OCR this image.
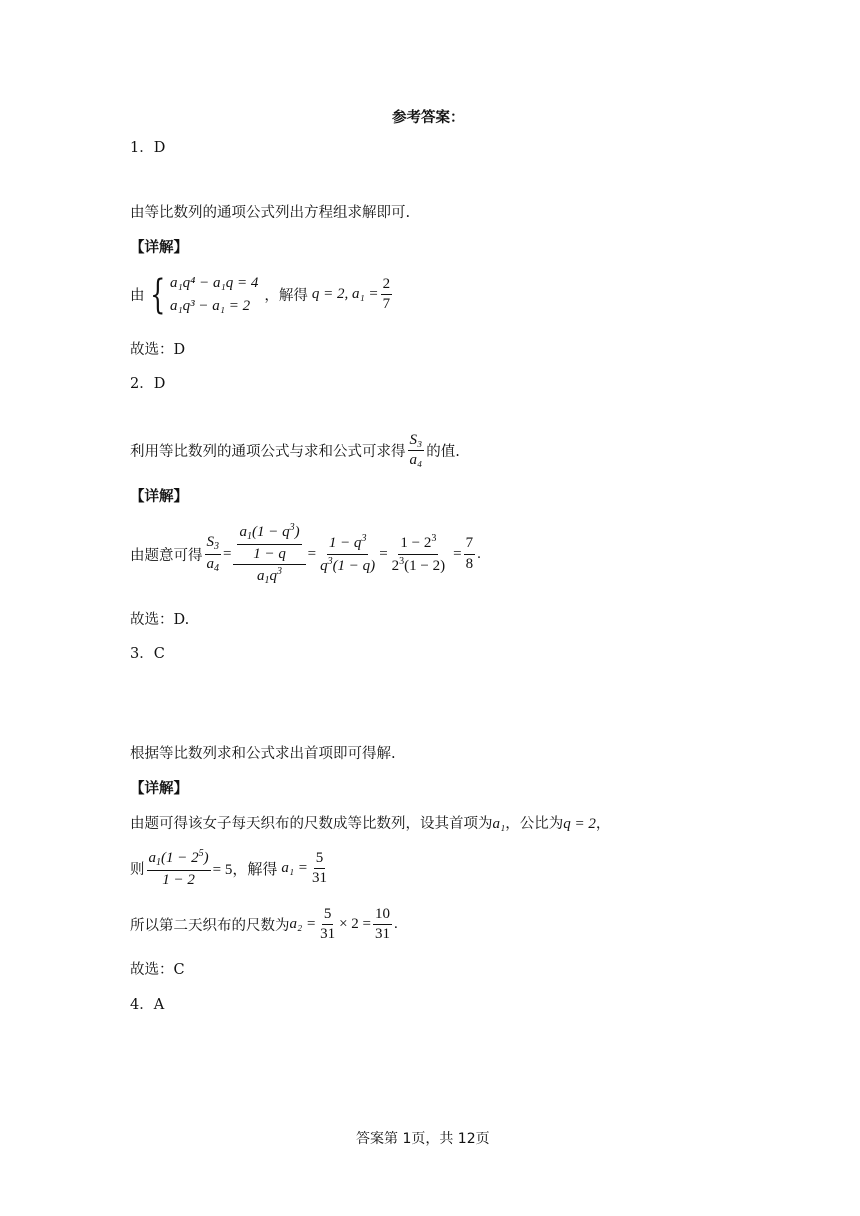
参考答案：
1．D
由等比数列的通项公式列出方程组求解即可.
【详解】
由 { a₁q⁴ − a₁q = 4
a₁q³ − a₁ = 2
，解得 q = 2, $a_1 = \frac{2}{7}$
故选：D
2．D
利用等比数列的通项公式与求和公式可求得 $\frac{\text{S₃}}{\text{a₄}}$ 的值.
【详解】
由题意可得 $\frac{S_3}{a_4} = \frac{\frac{a_1(1 - q^3)}{1 - q}}{a_1q^3} = \frac{1 - q^3}{q^3(1 - q)} = \frac{1 - 2^3}{2^3(1 - 2)} = \frac{7}{8}$ .
故选：D.
3．C
根据等比数列求和公式求出首项即可得解.
【详解】
由题可得该女子每天织布的尺数成等比数列，设其首项为a₁，公比为q = 2，
则 $\frac{a_1(1 - 2^5)}{1 - 2} = 5$，解得 $a_1 = \frac{5}{31}$
所以第二天织布的尺数为 $a_2 = \frac{5}{31} \times 2 = \frac{10}{31}$ .
故选：C
4．A
答案第 1页，共 12页
